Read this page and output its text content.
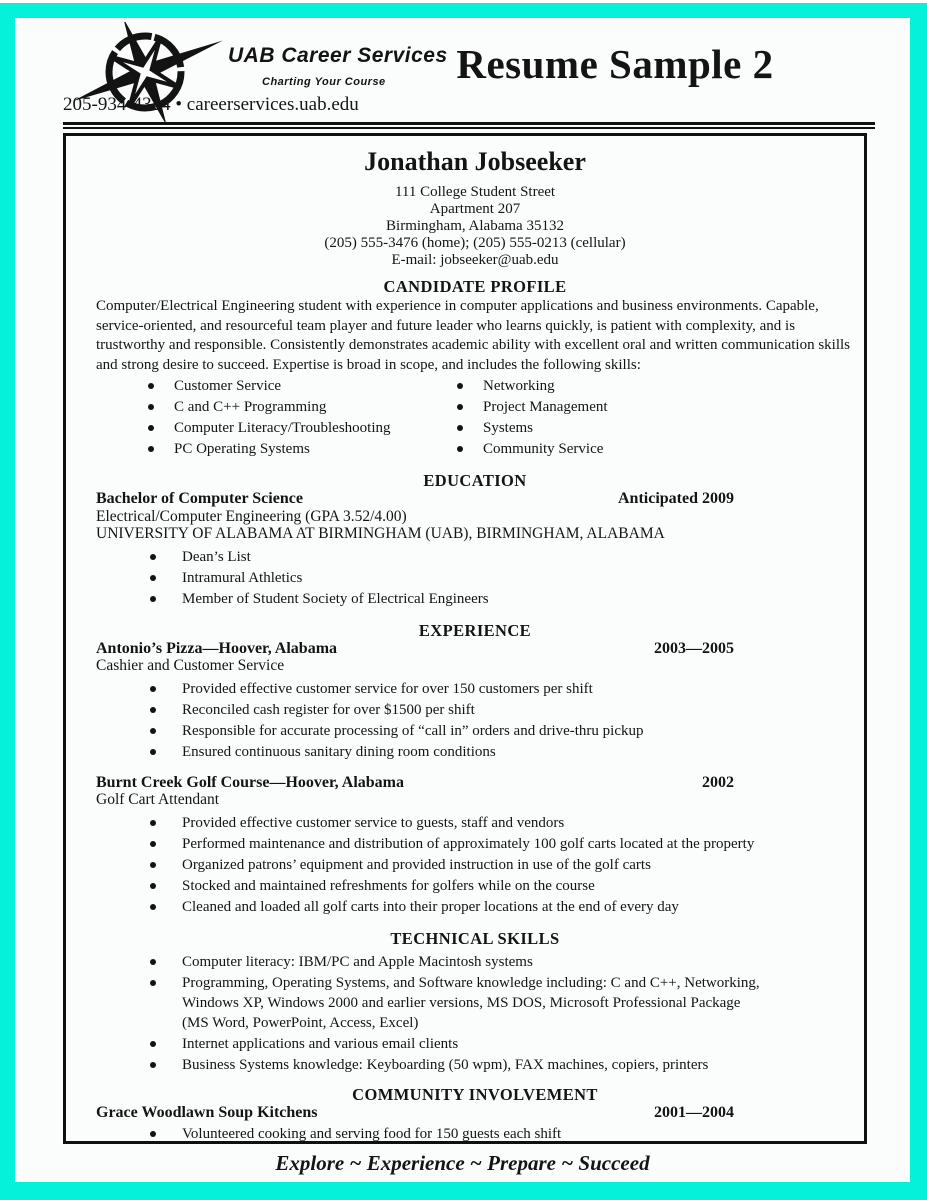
UAB Career Services
Charting Your Course	Resume Sample 2
205-934-4324 • careerservices.uab.edu
Jonathan Jobseeker
111 College Student Street
Apartment 207
Birmingham, Alabama 35132
(205) 555-3476 (home); (205) 555-0213 (cellular)
E-mail: jobseeker@uab.edu
CANDIDATE PROFILE
Computer/Electrical Engineering student with experience in computer applications and business environments. Capable, service-oriented, and resourceful team player and future leader who learns quickly, is patient with complexity, and is trustworthy and responsible. Consistently demonstrates academic ability with excellent oral and written communication skills and strong desire to succeed. Expertise is broad in scope, and includes the following skills:
Customer Service
C and C++ Programming
Computer Literacy/Troubleshooting
PC Operating Systems
Networking
Project Management
Systems
Community Service
EDUCATION
Bachelor of Computer Science	Anticipated 2009
Electrical/Computer Engineering (GPA 3.52/4.00)
UNIVERSITY OF ALABAMA AT BIRMINGHAM (UAB), BIRMINGHAM, ALABAMA
Dean’s List
Intramural Athletics
Member of Student Society of Electrical Engineers
EXPERIENCE
Antonio’s Pizza—Hoover, Alabama	2003—2005
Cashier and Customer Service
Provided effective customer service for over 150 customers per shift
Reconciled cash register for over $1500 per shift
Responsible for accurate processing of “call in” orders and drive-thru pickup
Ensured continuous sanitary dining room conditions
Burnt Creek Golf Course—Hoover, Alabama	2002
Golf Cart Attendant
Provided effective customer service to guests, staff and vendors
Performed maintenance and distribution of approximately 100 golf carts located at the property
Organized patrons’ equipment and provided instruction in use of the golf carts
Stocked and maintained refreshments for golfers while on the course
Cleaned and loaded all golf carts into their proper locations at the end of every day
TECHNICAL SKILLS
Computer literacy: IBM/PC and Apple Macintosh systems
Programming, Operating Systems, and Software knowledge including: C and C++, Networking, Windows XP, Windows 2000 and earlier versions, MS DOS, Microsoft Professional Package (MS Word, PowerPoint, Access, Excel)
Internet applications and various email clients
Business Systems knowledge: Keyboarding (50 wpm), FAX machines, copiers, printers
COMMUNITY INVOLVEMENT
Grace Woodlawn Soup Kitchens	2001—2004
Volunteered cooking and serving food for 150 guests each shift
Explore ~ Experience ~ Prepare ~ Succeed
